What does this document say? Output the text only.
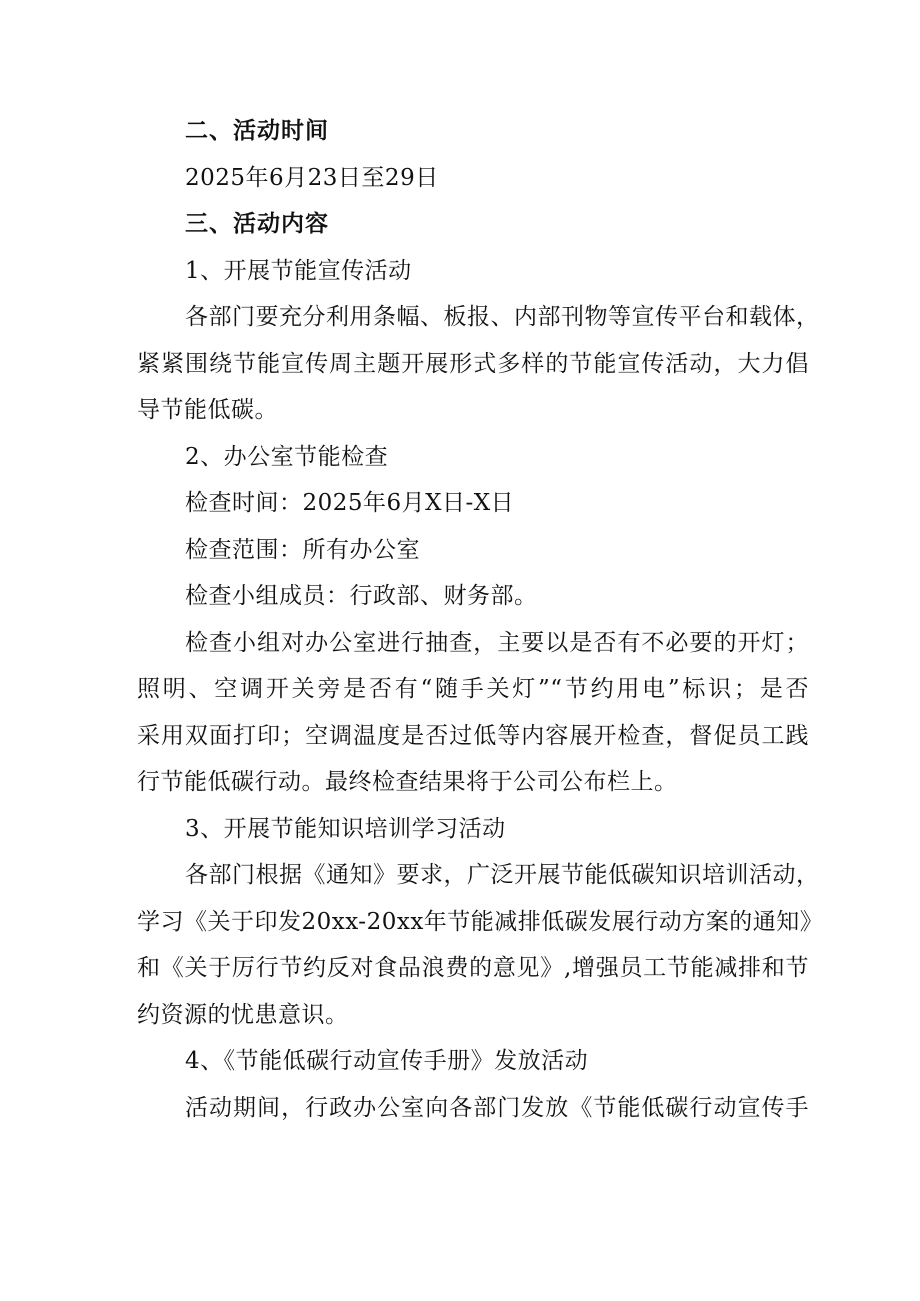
二、活动时间
2025年6月23日至29日
三、活动内容
1、开展节能宣传活动
各部门要充分利用条幅、板报、内部刊物等宣传平台和载体，
紧紧围绕节能宣传周主题开展形式多样的节能宣传活动，大力倡
导节能低碳。
2、办公室节能检查
检查时间：2025年6月X日-X日
检查范围：所有办公室
检查小组成员：行政部、财务部。
检查小组对办公室进行抽查，主要以是否有不必要的开灯；
照明、空调开关旁是否有“随手关灯”“节约用电”标识；是否
采用双面打印；空调温度是否过低等内容展开检查，督促员工践
行节能低碳行动。最终检查结果将于公司公布栏上。
3、开展节能知识培训学习活动
各部门根据《通知》要求，广泛开展节能低碳知识培训活动，
学习《关于印发20xx-20xx年节能减排低碳发展行动方案的通知》
和《关于厉行节约反对食品浪费的意见》,增强员工节能减排和节
约资源的忧患意识。
4、《节能低碳行动宣传手册》发放活动
活动期间，行政办公室向各部门发放《节能低碳行动宣传手
